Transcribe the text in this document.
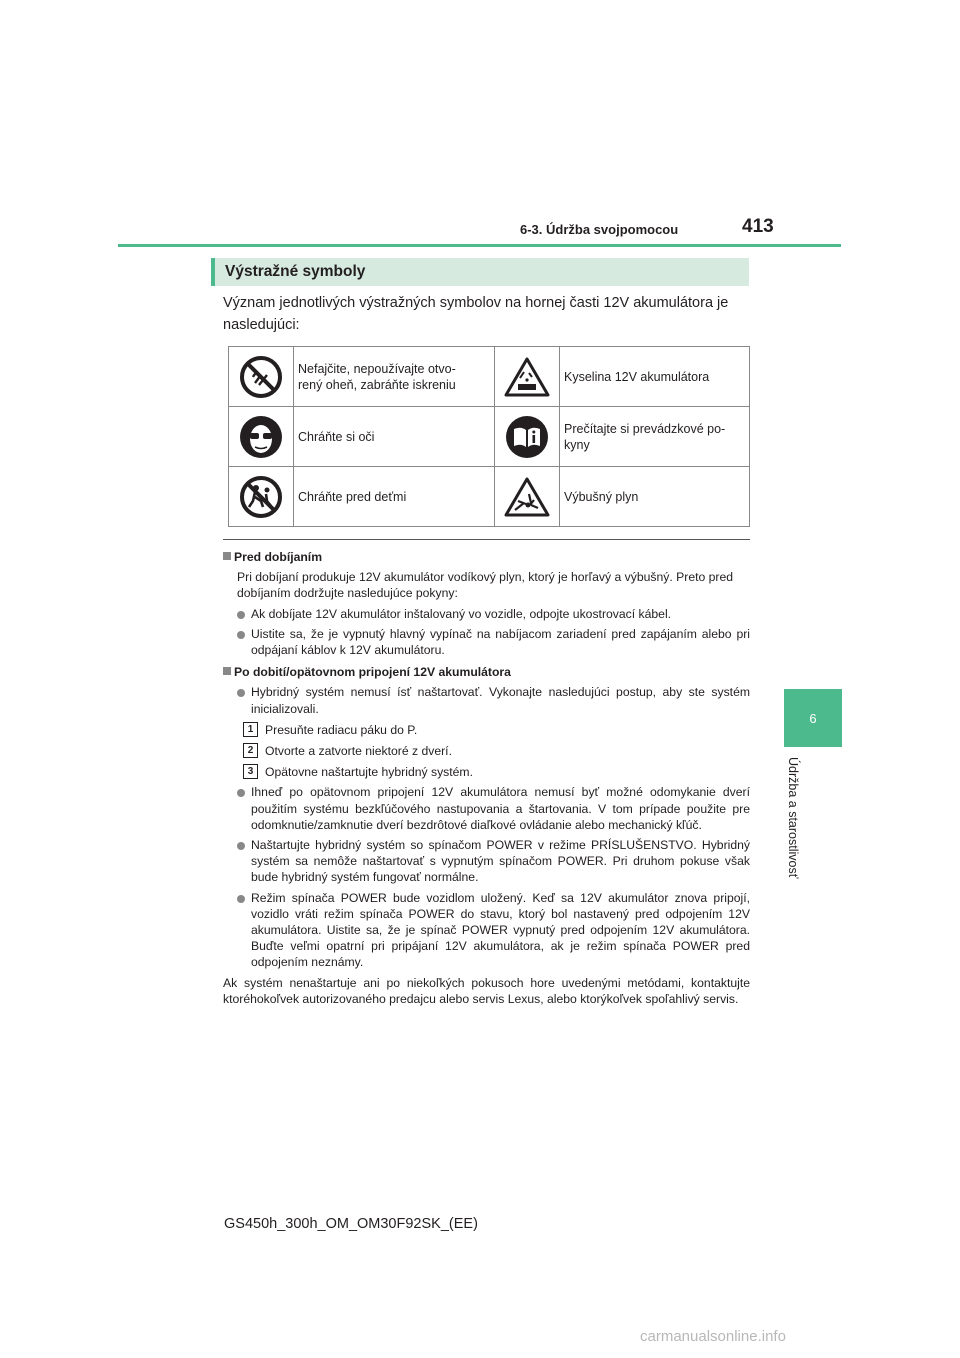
6-3. Údržba svojpomocou	413
6
Údržba a starostlivosť
Výstražné symboly
Význam jednotlivých výstražných symbolov na hornej časti 12V akumulátora je nasledujúci:
	Nefajčite, nepoužívajte otvo-
rený oheň, zabráňte iskreniu		Kyselina 12V akumulátora

	Chráňte si oči		Prečítajte si prevádzkové po-
kyny

	Chráňte pred deťmi		Výbušný plyn

Pred dobíjaním

Pri dobíjaní produkuje 12V akumulátor vodíkový plyn, ktorý je horľavý a výbušný. Preto pred dobíjaním dodržujte nasledujúce pokyny:

Ak dobíjate 12V akumulátor inštalovaný vo vozidle, odpojte ukostrovací kábel.

Uistite sa, že je vypnutý hlavný vypínač na nabíjacom zariadení pred zapájaním alebo pri odpájaní káblov k 12V akumulátoru.

Po dobití/opätovnom pripojení 12V akumulátora

Hybridný systém nemusí ísť naštartovať. Vykonajte nasledujúci postup, aby ste systém inicializovali.

1 Presuňte radiacu páku do P.

2 Otvorte a zatvorte niektoré z dverí.

3 Opätovne naštartujte hybridný systém.

Ihneď po opätovnom pripojení 12V akumulátora nemusí byť možné odomykanie dverí použitím systému bezkľúčového nastupovania a štartovania. V tom prípade použite pre odomknutie/zamknutie dverí bezdrôtové diaľkové ovládanie alebo mechanický kľúč.

Naštartujte hybridný systém so spínačom POWER v režime PRÍSLUŠENSTVO. Hybridný systém sa nemôže naštartovať s vypnutým spínačom POWER. Pri druhom pokuse však bude hybridný systém fungovať normálne.

Režim spínača POWER bude vozidlom uložený. Keď sa 12V akumulátor znova pripojí, vozidlo vráti režim spínača POWER do stavu, ktorý bol nastavený pred odpojením 12V akumulátora. Uistite sa, že je spínač POWER vypnutý pred odpojením 12V akumulátora. Buďte veľmi opatrní pri pripájaní 12V akumulátora, ak je režim spínača POWER pred odpojením neznámy.

Ak systém nenaštartuje ani po niekoľkých pokusoch hore uvedenými metódami, kontaktujte ktoréhokoľvek autorizovaného predajcu alebo servis Lexus, alebo ktorýkoľvek spoľahlivý servis.

GS450h_300h_OM_OM30F92SK_(EE)
carmanualsonline.info
